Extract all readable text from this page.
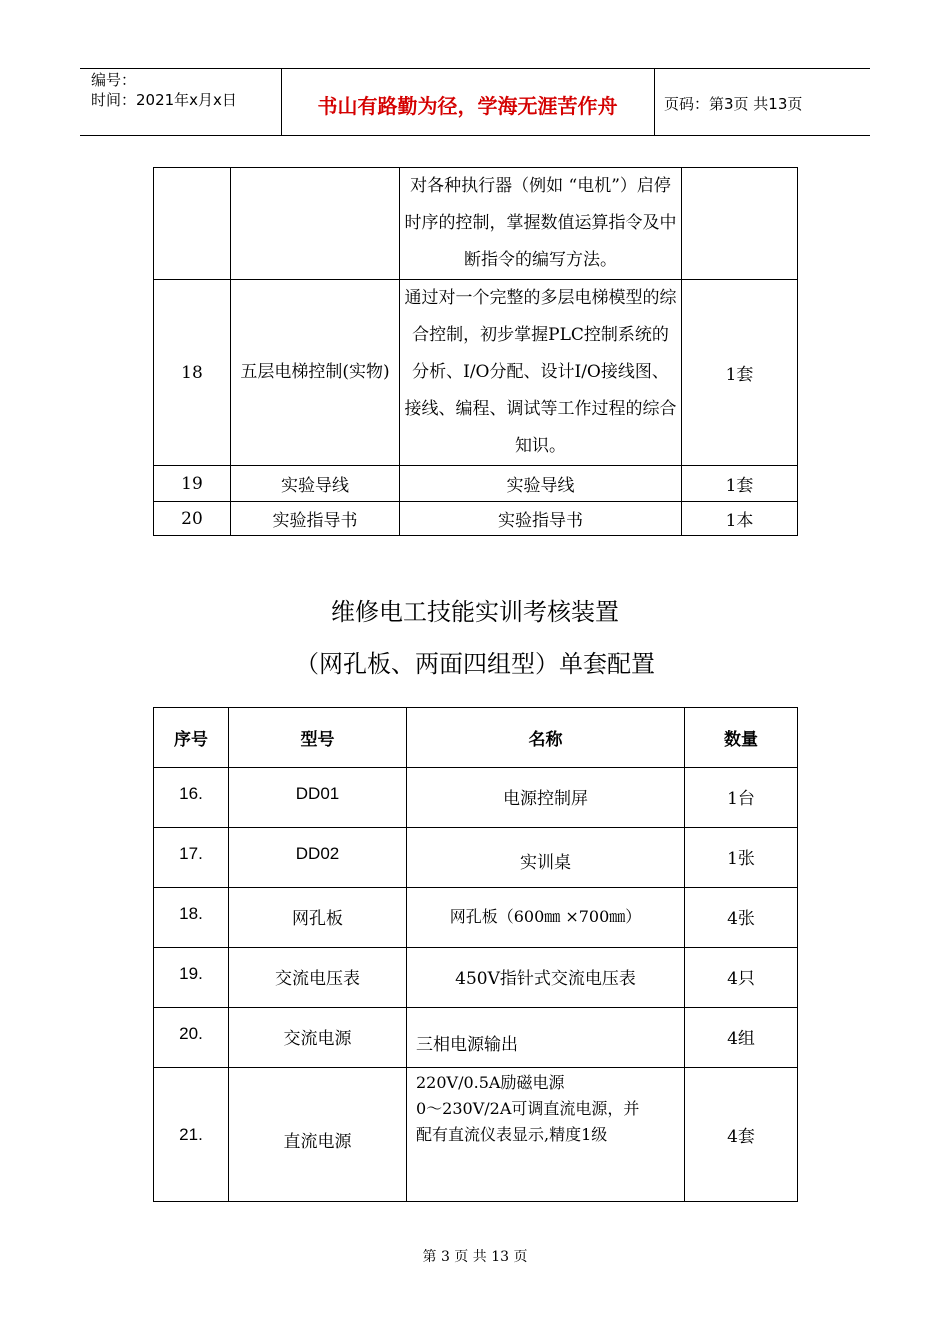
编号：
时间：2021年x月x日	书山有路勤为径，学海无涯苦作舟	页码：第3页 共13页
		对各种执行器（例如 “电机”）启停时序的控制，掌握数值运算指令及中断指令的编写方法。	
18	五层电梯控制(实物)	通过对一个完整的多层电梯模型的综合控制，初步掌握PLC控制系统的分析、I/O分配、设计I/O接线图、接线、编程、调试等工作过程的综合知识。	1套
19	实验导线	实验导线	1套
20	实验指导书	实验指导书	1本
维修电工技能实训考核装置
（网孔板、两面四组型）单套配置
序号	型号	名称	数量

16.	DD01	电源控制屏	1台

17.	DD02	实训桌	1张

18.	网孔板	网孔板（600㎜ ×700㎜）	4张

19.	交流电压表	450V指针式交流电压表	4只

20.	交流电源	三相电源输出	4组

21.	直流电源	220V/0.5A励磁电源
0～230V/2A可调直流电源，并
配有直流仪表显示,精度1级	4套
第 3 页 共 13 页
